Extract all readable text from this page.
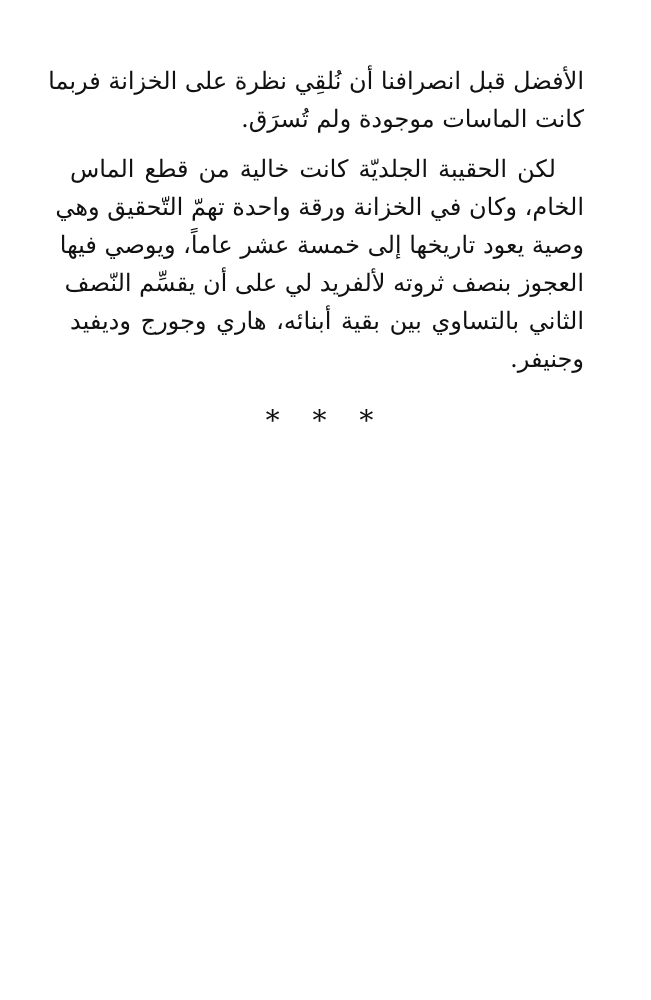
الأفضل قبل انصرافنا أن نُلقِي نظرة على الخزانة فربما
كانت الماسات موجودة ولم تُسرَق.
لكن الحقيبة الجلديّة كانت خالية من قطع الماس
الخام، وكان في الخزانة ورقة واحدة تهمّ التّحقيق وهي
وصية يعود تاريخها إلى خمسة عشر عاماً، ويوصي فيها
العجوز بنصف ثروته لألفريد لي على أن يقسِّم النّصف
الثاني بالتساوي بين بقية أبنائه، هاري وجورج وديفيد
وجنيفر.
* * *
